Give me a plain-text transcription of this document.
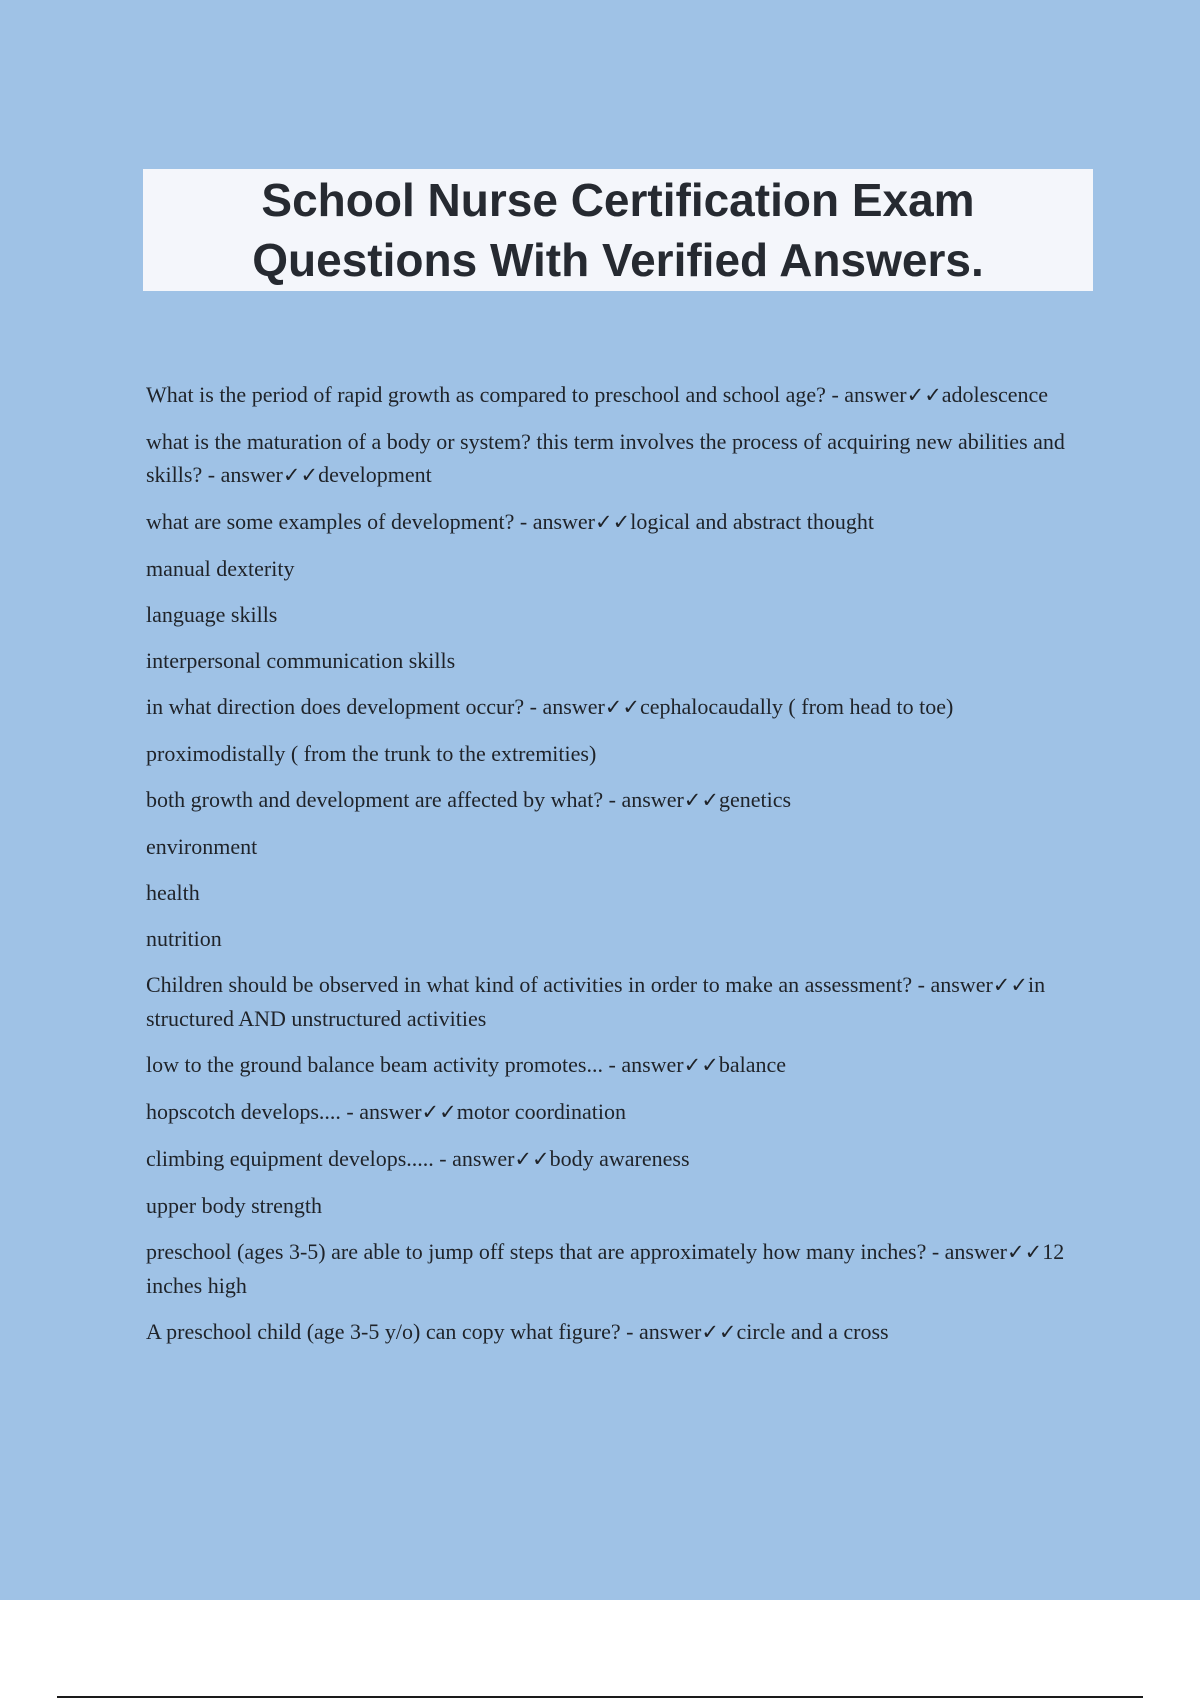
School Nurse Certification Exam
Questions With Verified Answers.
What is the period of rapid growth as compared to preschool and school age? - answer✓✓adolescence
what is the maturation of a body or system? this term involves the process of acquiring new abilities and skills? - answer✓✓development
what are some examples of development? - answer✓✓logical and abstract thought
manual dexterity
language skills
interpersonal communication skills
in what direction does development occur? - answer✓✓cephalocaudally ( from head to toe)
proximodistally ( from the trunk to the extremities)
both growth and development are affected by what? - answer✓✓genetics
environment
health
nutrition
Children should be observed in what kind of activities in order to make an assessment? - answer✓✓in structured AND unstructured activities
low to the ground balance beam activity promotes... - answer✓✓balance
hopscotch develops.... - answer✓✓motor coordination
climbing equipment develops..... - answer✓✓body awareness
upper body strength
preschool (ages 3-5) are able to jump off steps that are approximately how many inches? - answer✓✓12 inches high
A preschool child (age 3-5 y/o) can copy what figure? - answer✓✓circle and a cross
